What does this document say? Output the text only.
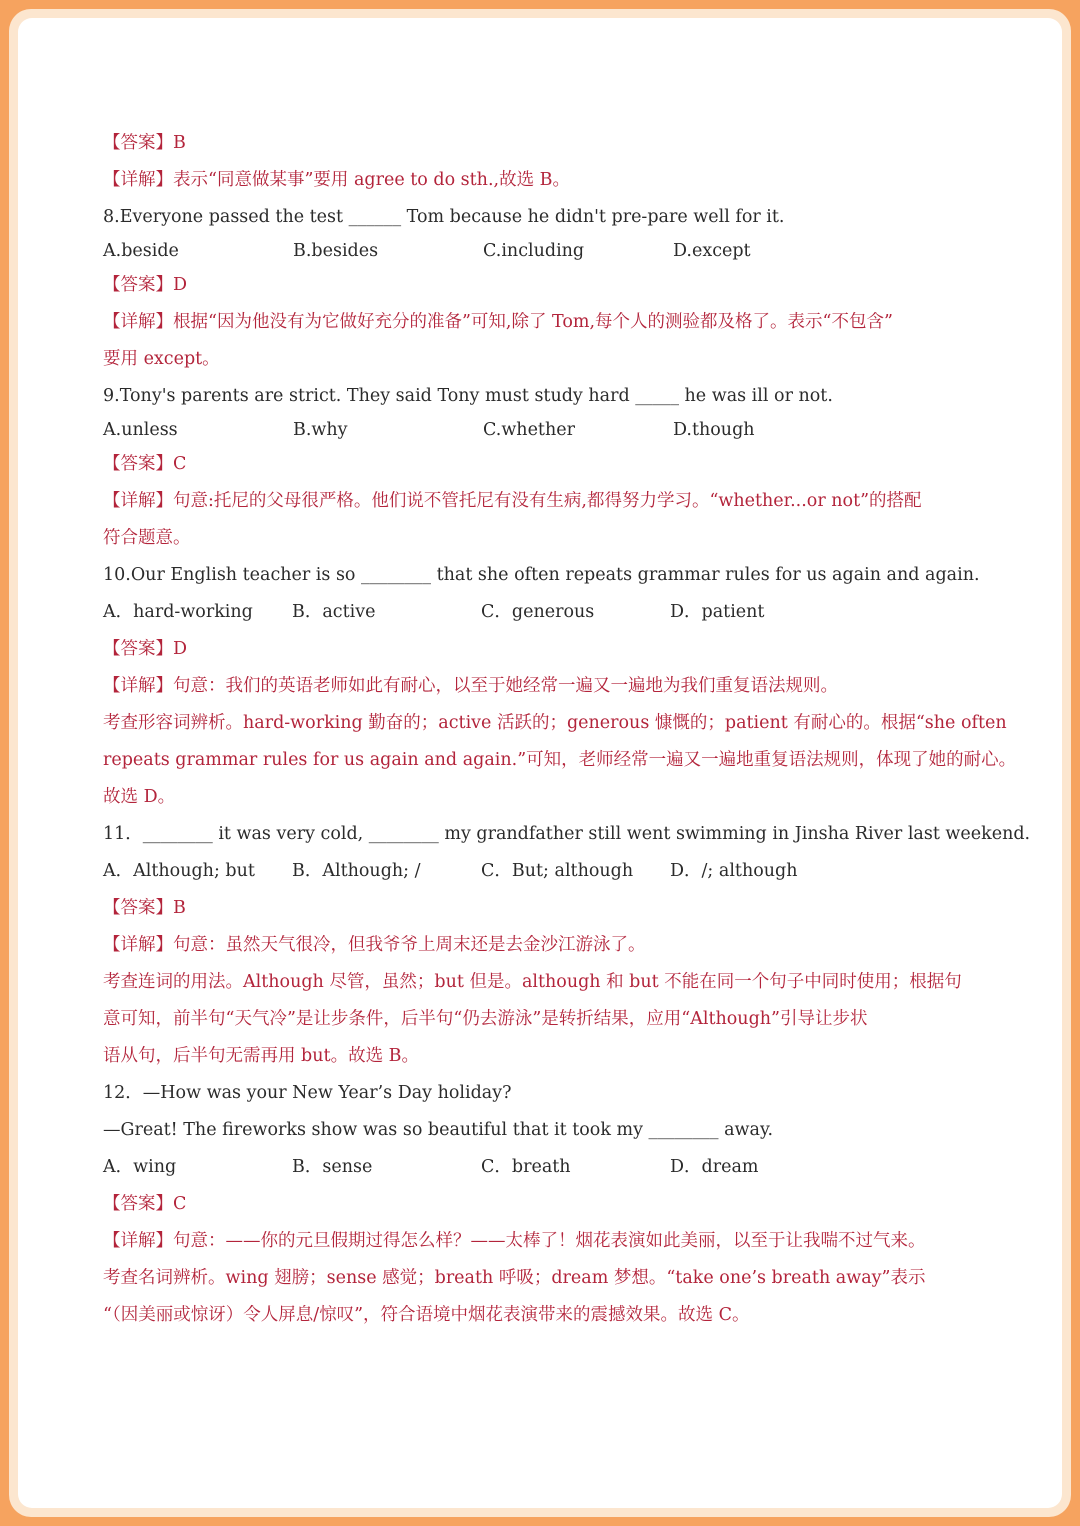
【答案】B
【详解】表示“同意做某事”要用 agree to do sth.,故选 B。
8.Everyone passed the test ______ Tom because he didn't pre-pare well for it.
A.beside	B.besides	C.including	D.except
【答案】D
【详解】根据“因为他没有为它做好充分的准备”可知,除了 Tom,每个人的测验都及格了。表示“不包含”
要用 except。
9.Tony's parents are strict. They said Tony must study hard _____ he was ill or not.
A.unless	B.why	C.whether	D.though
【答案】C
【详解】句意:托尼的父母很严格。他们说不管托尼有没有生病,都得努力学习。“whether...or not”的搭配
符合题意。
10.Our English teacher is so ________ that she often repeats grammar rules for us again and again.
A．hard-working	B．active	C．generous	D．patient
【答案】D
【详解】句意：我们的英语老师如此有耐心，以至于她经常一遍又一遍地为我们重复语法规则。
考查形容词辨析。hard-working 勤奋的；active 活跃的；generous 慷慨的；patient 有耐心的。根据“she often
repeats grammar rules for us again and again.”可知，老师经常一遍又一遍地重复语法规则，体现了她的耐心。
故选 D。
11．________ it was very cold, ________ my grandfather still went swimming in Jinsha River last weekend.
A．Although; but	B．Although; /	C．But; although	D．/; although
【答案】B
【详解】句意：虽然天气很冷，但我爷爷上周末还是去金沙江游泳了。
考查连词的用法。Although 尽管，虽然；but 但是。although 和 but 不能在同一个句子中同时使用；根据句
意可知，前半句“天气冷”是让步条件，后半句“仍去游泳”是转折结果，应用“Although”引导让步状
语从句，后半句无需再用 but。故选 B。
12．—How was your New Year’s Day holiday?
—Great! The fireworks show was so beautiful that it took my ________ away.
A．wing	B．sense	C．breath	D．dream
【答案】C
【详解】句意：——你的元旦假期过得怎么样？——太棒了！烟花表演如此美丽，以至于让我喘不过气来。
考查名词辨析。wing 翅膀；sense 感觉；breath 呼吸；dream 梦想。“take one’s breath away”表示
“（因美丽或惊讶）令人屏息/惊叹”，符合语境中烟花表演带来的震撼效果。故选 C。
